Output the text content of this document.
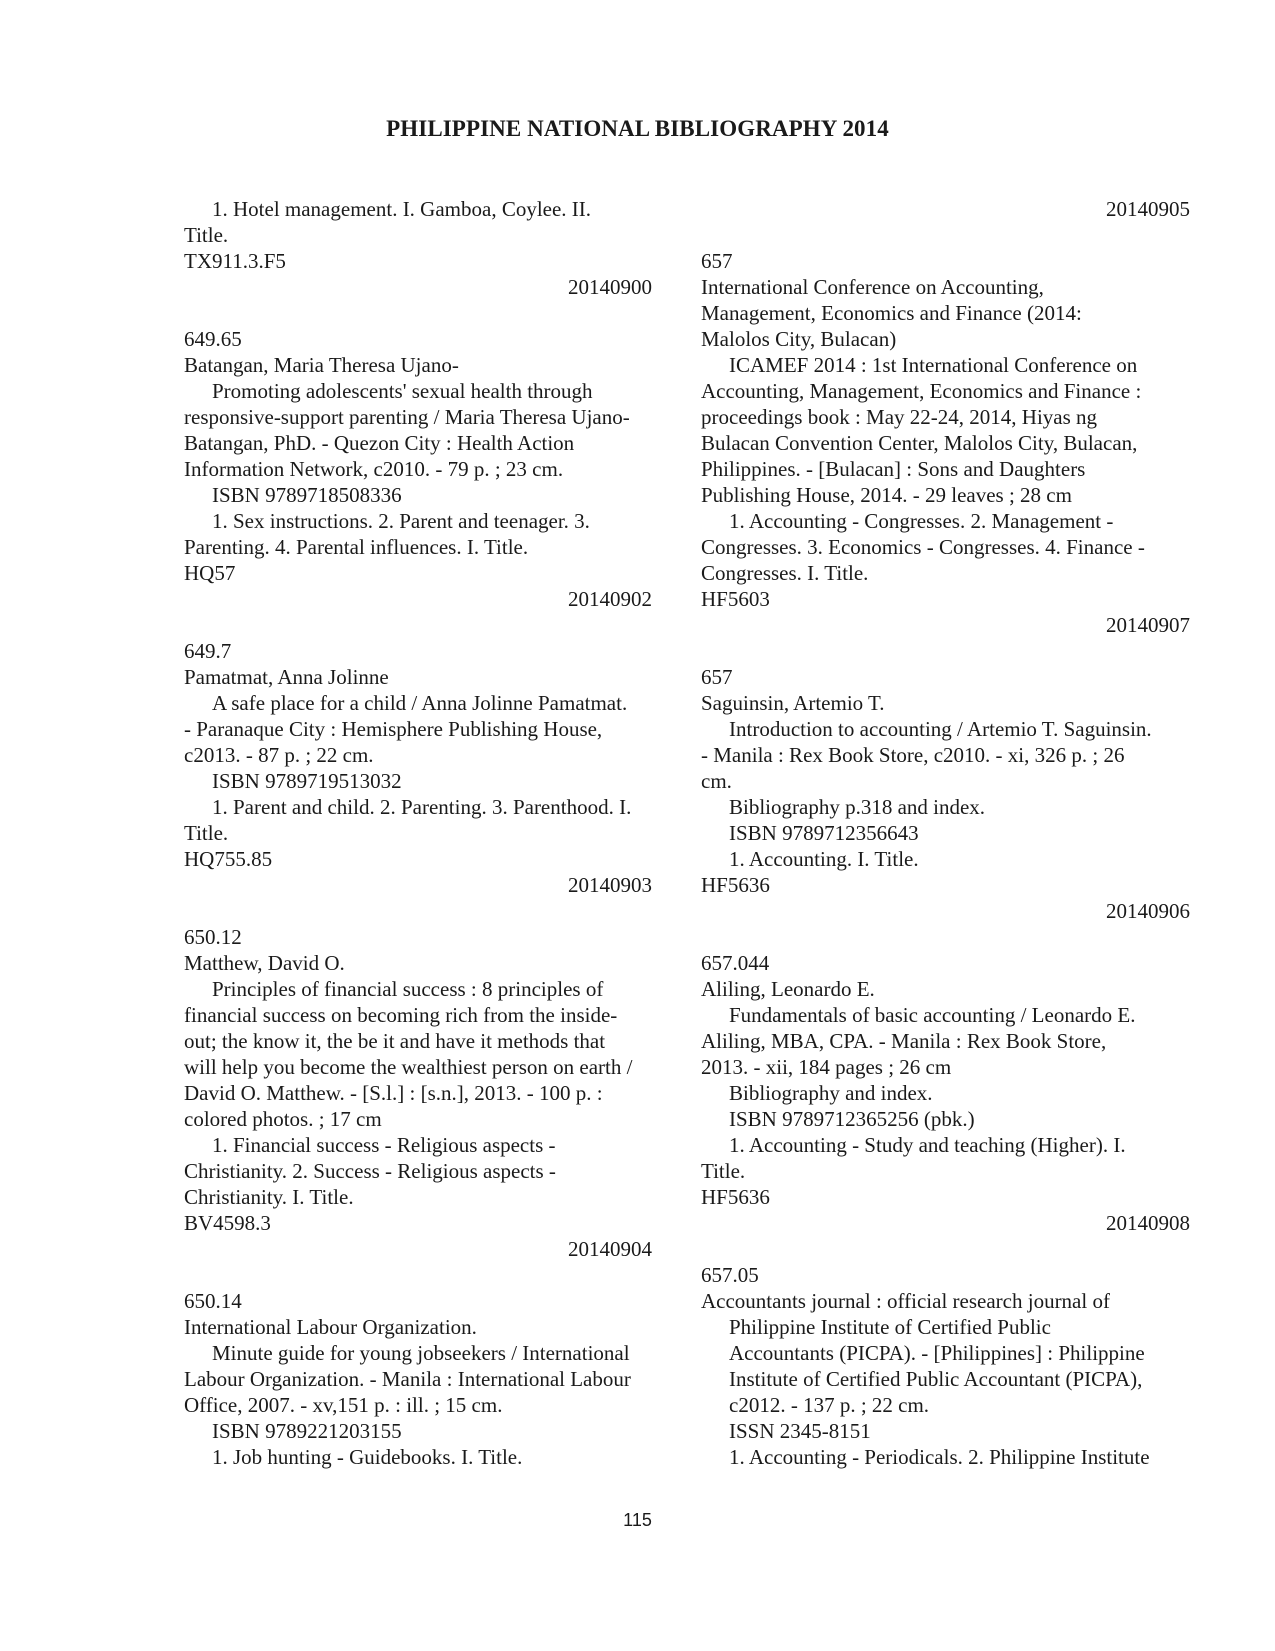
PHILIPPINE NATIONAL BIBLIOGRAPHY 2014
1. Hotel management. I. Gamboa, Coylee. II.
Title.
TX911.3.F5
20140900
649.65
Batangan, Maria Theresa Ujano-
Promoting adolescents' sexual health through
responsive-support parenting / Maria Theresa Ujano-
Batangan, PhD. - Quezon City : Health Action
Information Network, c2010. - 79 p. ; 23 cm.
ISBN 9789718508336
1. Sex instructions. 2. Parent and teenager. 3.
Parenting. 4. Parental influences. I. Title.
HQ57
20140902
649.7
Pamatmat, Anna Jolinne
A safe place for a child / Anna Jolinne Pamatmat.
- Paranaque City : Hemisphere Publishing House,
c2013. - 87 p. ; 22 cm.
ISBN 9789719513032
1. Parent and child. 2. Parenting. 3. Parenthood. I.
Title.
HQ755.85
20140903
650.12
Matthew, David O.
Principles of financial success : 8 principles of
financial success on becoming rich from the inside-
out; the know it, the be it and have it methods that
will help you become the wealthiest person on earth /
David O. Matthew. - [S.l.] : [s.n.], 2013. - 100 p. :
colored photos. ; 17 cm
1. Financial success - Religious aspects -
Christianity. 2. Success - Religious aspects -
Christianity. I. Title.
BV4598.3
20140904
650.14
International Labour Organization.
Minute guide for young jobseekers / International
Labour Organization. - Manila : International Labour
Office, 2007. - xv,151 p. : ill. ; 15 cm.
ISBN 9789221203155
1. Job hunting - Guidebooks. I. Title.
20140905
657
International Conference on Accounting,
Management, Economics and Finance (2014:
Malolos City, Bulacan)
ICAMEF 2014 : 1st International Conference on
Accounting, Management, Economics and Finance :
proceedings book : May 22-24, 2014, Hiyas ng
Bulacan Convention Center, Malolos City, Bulacan,
Philippines. - [Bulacan] : Sons and Daughters
Publishing House, 2014. - 29 leaves ; 28 cm
1. Accounting - Congresses. 2. Management -
Congresses. 3. Economics - Congresses. 4. Finance -
Congresses. I. Title.
HF5603
20140907
657
Saguinsin, Artemio T.
Introduction to accounting / Artemio T. Saguinsin.
- Manila : Rex Book Store, c2010. - xi, 326 p. ; 26
cm.
Bibliography p.318 and index.
ISBN 9789712356643
1. Accounting. I. Title.
HF5636
20140906
657.044
Aliling, Leonardo E.
Fundamentals of basic accounting / Leonardo E.
Aliling, MBA, CPA. - Manila : Rex Book Store,
2013. - xii, 184 pages ; 26 cm
Bibliography and index.
ISBN 9789712365256 (pbk.)
1. Accounting - Study and teaching (Higher). I.
Title.
HF5636
20140908
657.05
Accountants journal : official research journal of
Philippine Institute of Certified Public
Accountants (PICPA). - [Philippines] : Philippine
Institute of Certified Public Accountant (PICPA),
c2012. - 137 p. ; 22 cm.
ISSN 2345-8151
1. Accounting - Periodicals. 2. Philippine Institute
115
